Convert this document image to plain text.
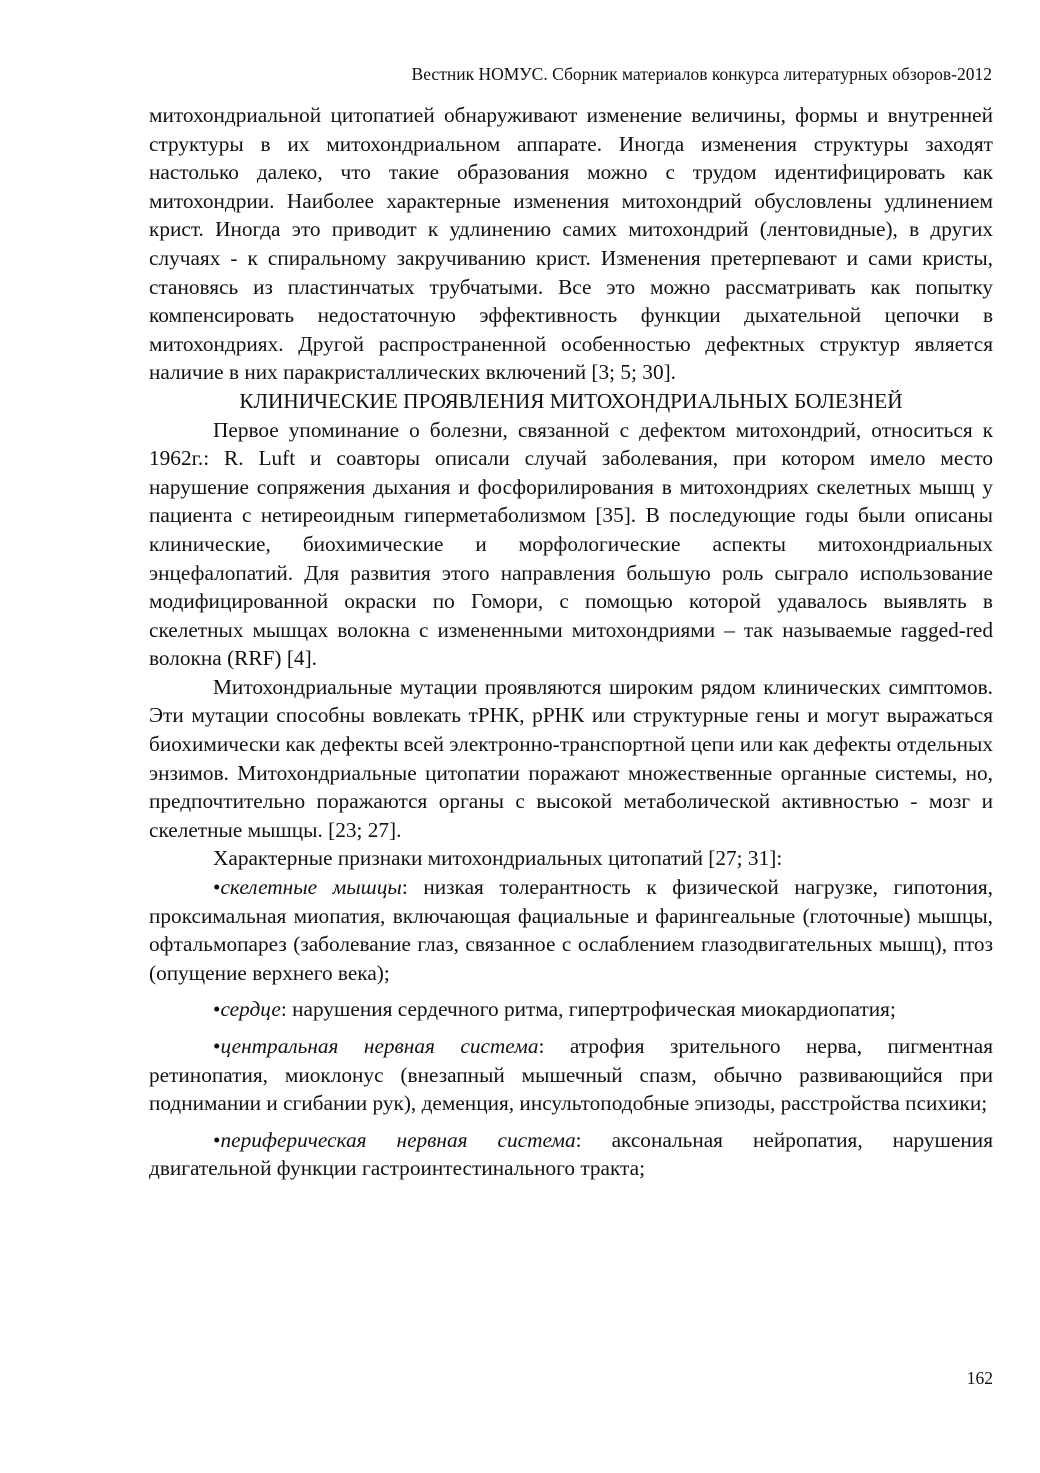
Вестник НОМУС. Сборник материалов конкурса литературных обзоров-2012

митохондриальной цитопатией обнаруживают изменение величины, формы и внутренней структуры в их митохондриальном аппарате. Иногда изменения структуры заходят настолько далеко, что такие образования можно с трудом идентифицировать как митохондрии. Наиболее характерные изменения митохондрий обусловлены удлинением крист. Иногда это приводит к удлинению самих митохондрий (лентовидные), в других случаях - к спиральному закручиванию крист. Изменения претерпевают и сами кристы, становясь из пластинчатых трубчатыми. Все это можно рассматривать как попытку компенсировать недостаточную эффективность функции дыхательной цепочки в митохондриях. Другой распространенной особенностью дефектных структур является наличие в них паракристаллических включений [3; 5; 30].

КЛИНИЧЕСКИЕ ПРОЯВЛЕНИЯ МИТОХОНДРИАЛЬНЫХ БОЛЕЗНЕЙ

Первое упоминание о болезни, связанной с дефектом митохондрий, относиться к 1962г.: R. Luft и соавторы описали случай заболевания, при котором имело место нарушение сопряжения дыхания и фосфорилирования в митохондриях скелетных мышц у пациента с нетиреоидным гиперметаболизмом [35]. В последующие годы были описаны клинические, биохимические и морфологические аспекты митохондриальных энцефалопатий. Для развития этого направления большую роль сыграло использование модифицированной окраски по Гомори, с помощью которой удавалось выявлять в скелетных мышцах волокна с измененными митохондриями – так называемые ragged-red волокна (RRF) [4].

Митохондриальные мутации проявляются широким рядом клинических симптомов. Эти мутации способны вовлекать тРНК, рРНК или структурные гены и могут выражаться биохимически как дефекты всей электронно-транспортной цепи или как дефекты отдельных энзимов. Митохондриальные цитопатии поражают множественные органные системы, но, предпочтительно поражаются органы с высокой метаболической активностью - мозг и скелетные мышцы. [23; 27].

Характерные признаки митохондриальных цитопатий [27; 31]:

•скелетные мышцы: низкая толерантность к физической нагрузке, гипотония, проксимальная миопатия, включающая фациальные и фарингеальные (глоточные) мышцы, офтальмопарез (заболевание глаз, связанное с ослаблением глазодвигательных мышц), птоз (опущение верхнего века);

•сердце: нарушения сердечного ритма, гипертрофическая миокардиопатия;

•центральная нервная система: атрофия зрительного нерва, пигментная ретинопатия, миоклонус (внезапный мышечный спазм, обычно развивающийся при поднимании и сгибании рук), деменция, инсультоподобные эпизоды, расстройства психики;

•периферическая нервная система: аксональная нейропатия, нарушения двигательной функции гастроинтестинального тракта;

162
